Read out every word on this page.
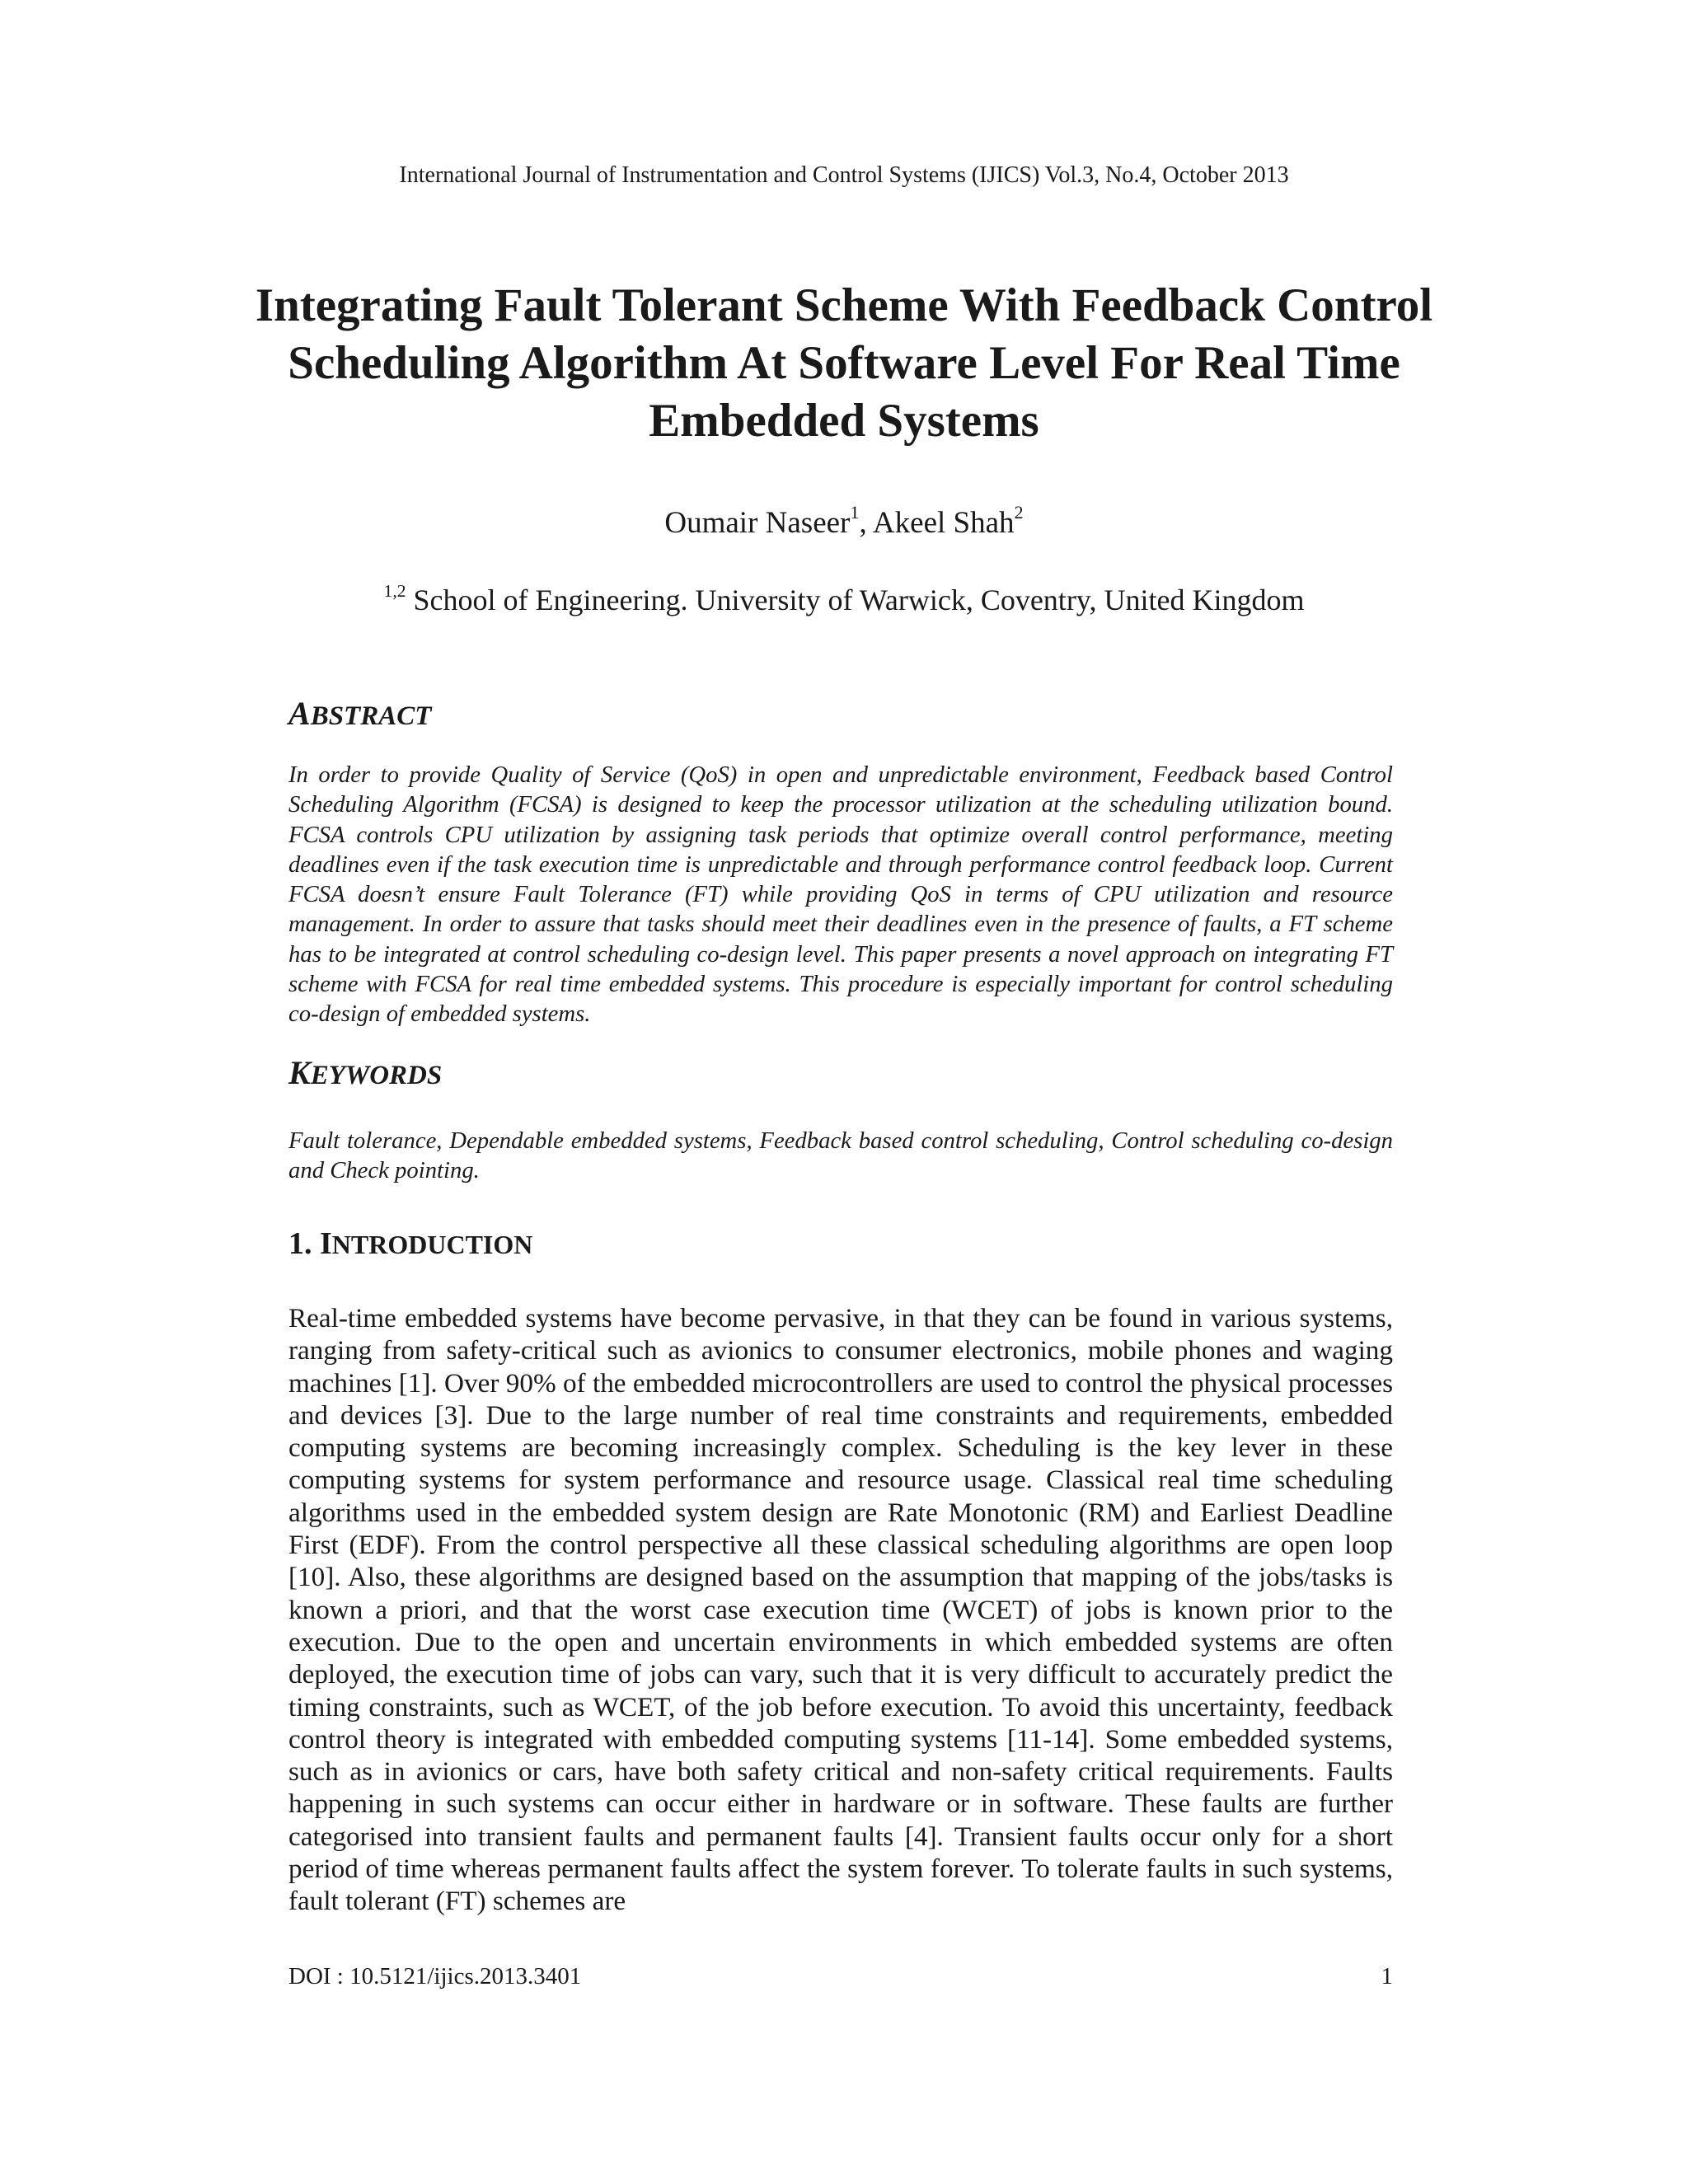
International Journal of Instrumentation and Control Systems (IJICS) Vol.3, No.4, October 2013
Integrating Fault Tolerant Scheme With Feedback Control Scheduling Algorithm At Software Level For Real Time Embedded Systems
Oumair Naseer$^1$, Akeel Shah$^2$
$^{1,2}$ School of Engineering. University of Warwick, Coventry, United Kingdom
ABSTRACT

In order to provide Quality of Service (QoS) in open and unpredictable environment, Feedback based Control Scheduling Algorithm (FCSA) is designed to keep the processor utilization at the scheduling utilization bound. FCSA controls CPU utilization by assigning task periods that optimize overall control performance, meeting deadlines even if the task execution time is unpredictable and through performance control feedback loop. Current FCSA doesn’t ensure Fault Tolerance (FT) while providing QoS in terms of CPU utilization and resource management. In order to assure that tasks should meet their deadlines even in the presence of faults, a FT scheme has to be integrated at control scheduling co-design level. This paper presents a novel approach on integrating FT scheme with FCSA for real time embedded systems. This procedure is especially important for control scheduling co-design of embedded systems.

KEYWORDS

Fault tolerance, Dependable embedded systems, Feedback based control scheduling, Control scheduling co-design and Check pointing.

1. INTRODUCTION

Real-time embedded systems have become pervasive, in that they can be found in various systems, ranging from safety-critical such as avionics to consumer electronics, mobile phones and waging machines [1]. Over 90% of the embedded microcontrollers are used to control the physical processes and devices [3]. Due to the large number of real time constraints and requirements, embedded computing systems are becoming increasingly complex. Scheduling is the key lever in these computing systems for system performance and resource usage. Classical real time scheduling algorithms used in the embedded system design are Rate Monotonic (RM) and Earliest Deadline First (EDF). From the control perspective all these classical scheduling algorithms are open loop [10]. Also, these algorithms are designed based on the assumption that mapping of the jobs/tasks is known a priori, and that the worst case execution time (WCET) of jobs is known prior to the execution. Due to the open and uncertain environments in which embedded systems are often deployed, the execution time of jobs can vary, such that it is very difficult to accurately predict the timing constraints, such as WCET, of the job before execution. To avoid this uncertainty, feedback control theory is integrated with embedded computing systems [11-14]. Some embedded systems, such as in avionics or cars, have both safety critical and non-safety critical requirements. Faults happening in such systems can occur either in hardware or in software. These faults are further categorised into transient faults and permanent faults [4]. Transient faults occur only for a short period of time whereas permanent faults affect the system forever. To tolerate faults in such systems, fault tolerant (FT) schemes are

DOI : 10.5121/ijics.2013.3401	1
